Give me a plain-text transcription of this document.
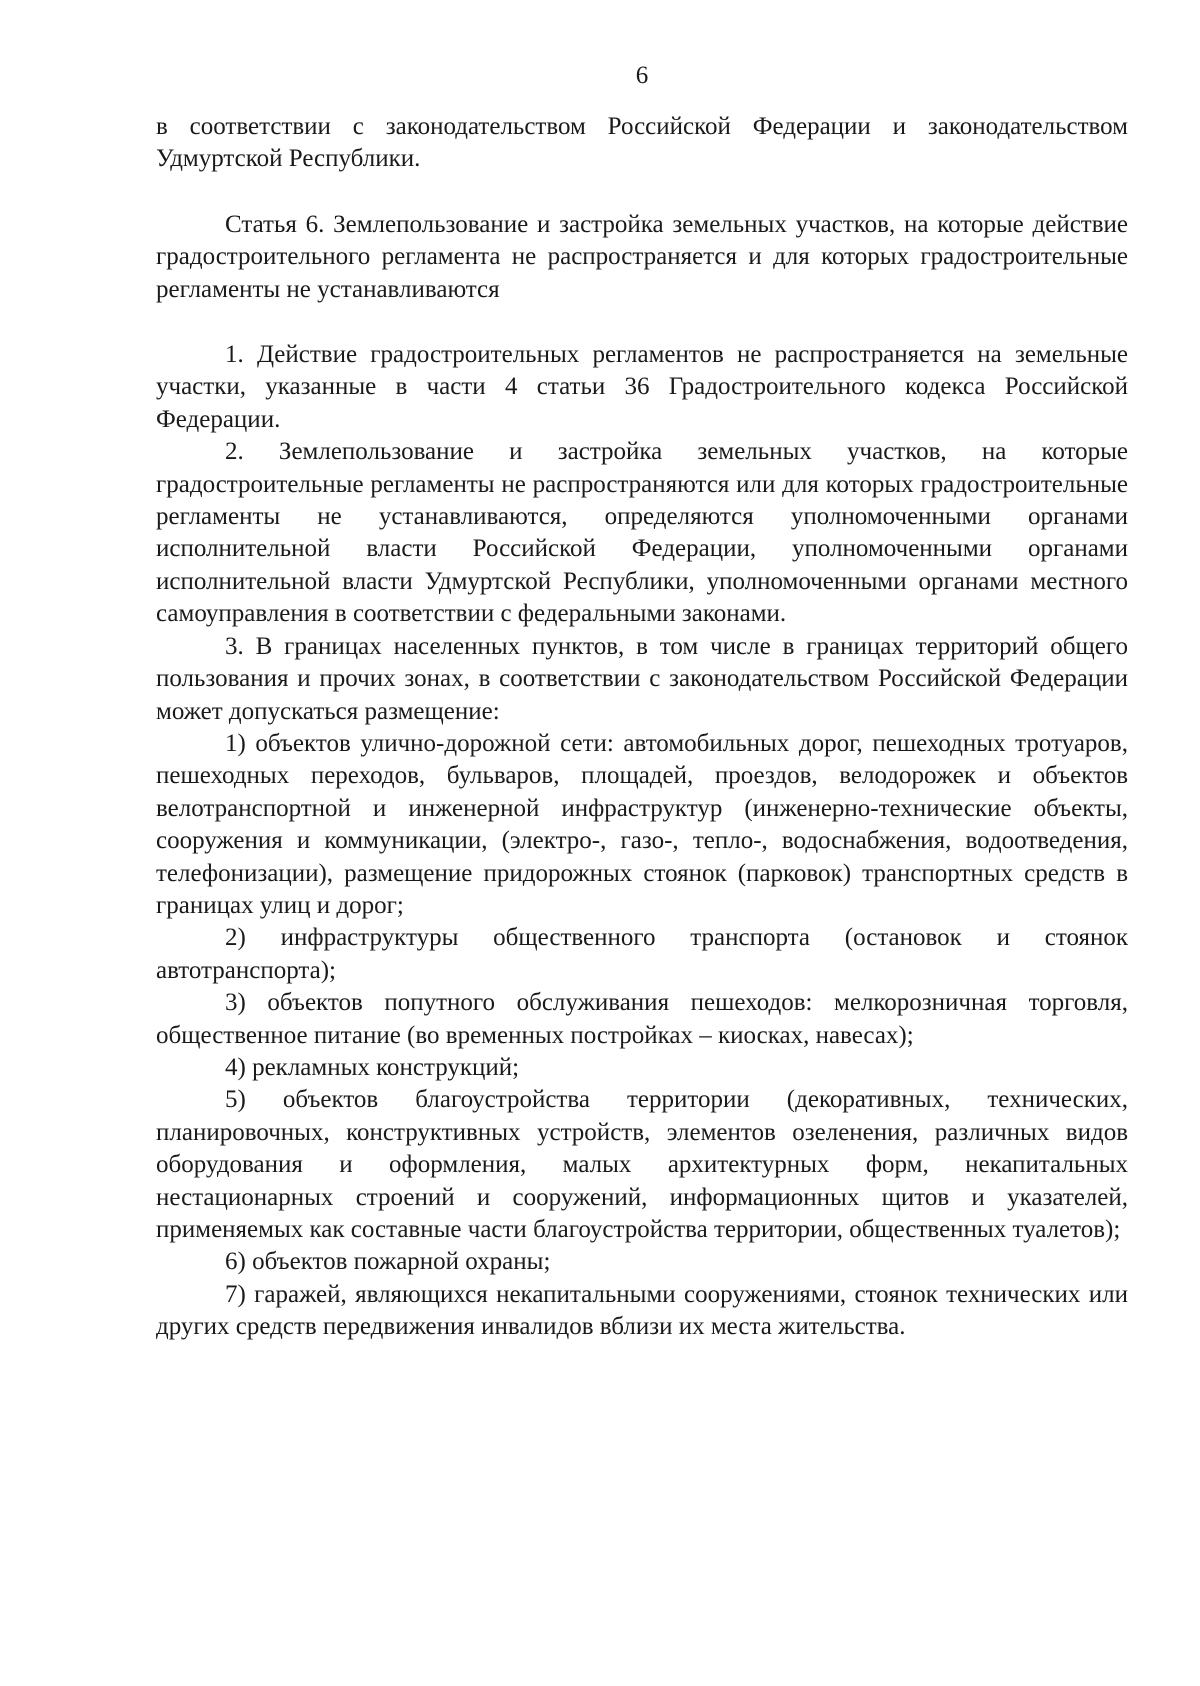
6

в соответствии с законодательством Российской Федерации и законодательством Удмуртской Республики.

Статья 6. Землепользование и застройка земельных участков, на которые действие градостроительного регламента не распространяется и для которых градостроительные регламенты не устанавливаются

1. Действие градостроительных регламентов не распространяется на земельные участки, указанные в части 4 статьи 36 Градостроительного кодекса Российской Федерации.

2. Землепользование и застройка земельных участков, на которые градостроительные регламенты не распространяются или для которых градостроительные регламенты не устанавливаются, определяются уполномоченными органами исполнительной власти Российской Федерации, уполномоченными органами исполнительной власти Удмуртской Республики, уполномоченными органами местного самоуправления в соответствии с федеральными законами.

3. В границах населенных пунктов, в том числе в границах территорий общего пользования и прочих зонах, в соответствии с законодательством Российской Федерации может допускаться размещение:

1) объектов улично-дорожной сети: автомобильных дорог, пешеходных тротуаров, пешеходных переходов, бульваров, площадей, проездов, велодорожек и объектов велотранспортной и инженерной инфраструктур (инженерно-технические объекты, сооружения и коммуникации, (электро-, газо-, тепло-, водоснабжения, водоотведения, телефонизации), размещение придорожных стоянок (парковок) транспортных средств в границах улиц и дорог;

2) инфраструктуры общественного транспорта (остановок и стоянок автотранспорта);

3) объектов попутного обслуживания пешеходов: мелкорозничная торговля, общественное питание (во временных постройках – киосках, навесах);

4) рекламных конструкций;

5) объектов благоустройства территории (декоративных, технических, планировочных, конструктивных устройств, элементов озеленения, различных видов оборудования и оформления, малых архитектурных форм, некапитальных нестационарных строений и сооружений, информационных щитов и указателей, применяемых как составные части благоустройства территории, общественных туалетов);

6) объектов пожарной охраны;

7) гаражей, являющихся некапитальными сооружениями, стоянок технических или других средств передвижения инвалидов вблизи их места жительства.
